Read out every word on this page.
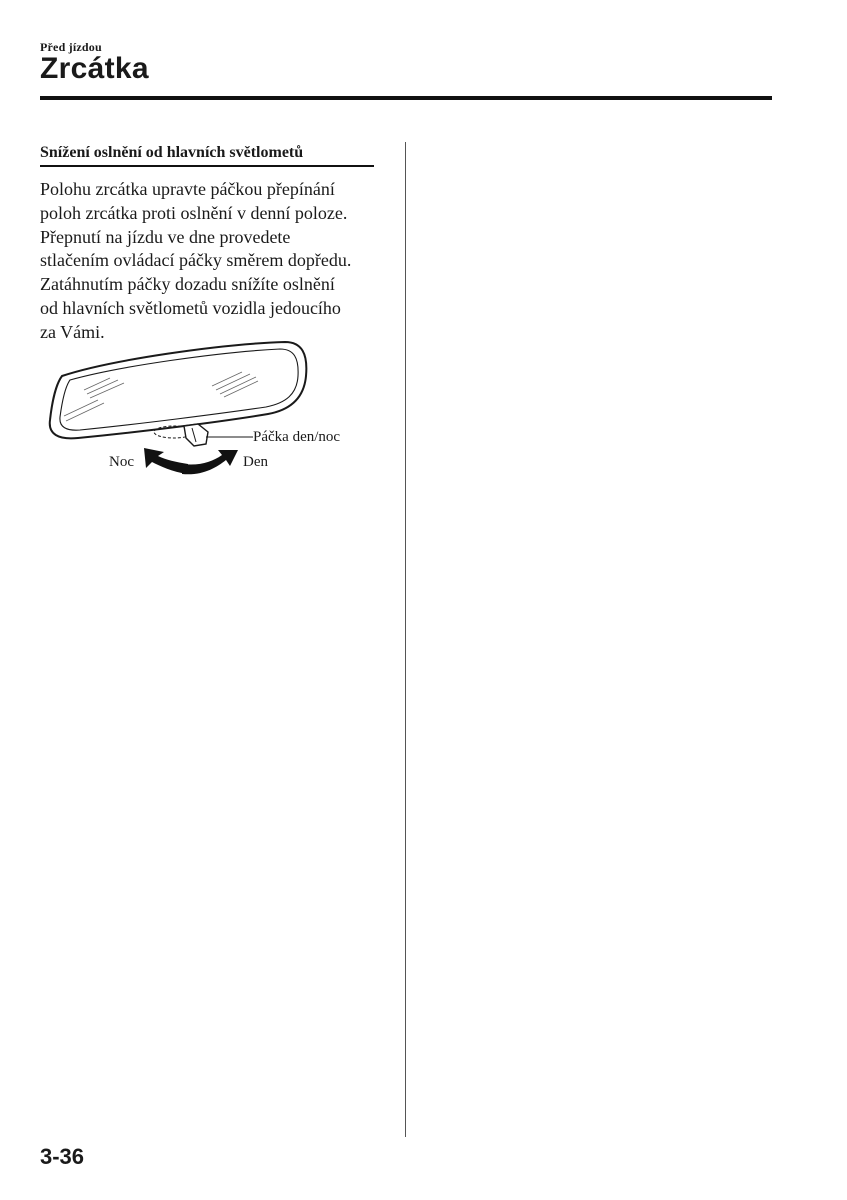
Před jízdou
Zrcátka
Snížení oslnění od hlavních světlometů
Polohu zrcátka upravte páčkou přepínání
poloh zrcátka proti oslnění v denní poloze.
Přepnutí na jízdu ve dne provedete
stlačením ovládací páčky směrem dopředu.
Zatáhnutím páčky dozadu snížíte oslnění
od hlavních světlometů vozidla jedoucího
za Vámi.
Páčka den/noc
Noc	Den
3-36
